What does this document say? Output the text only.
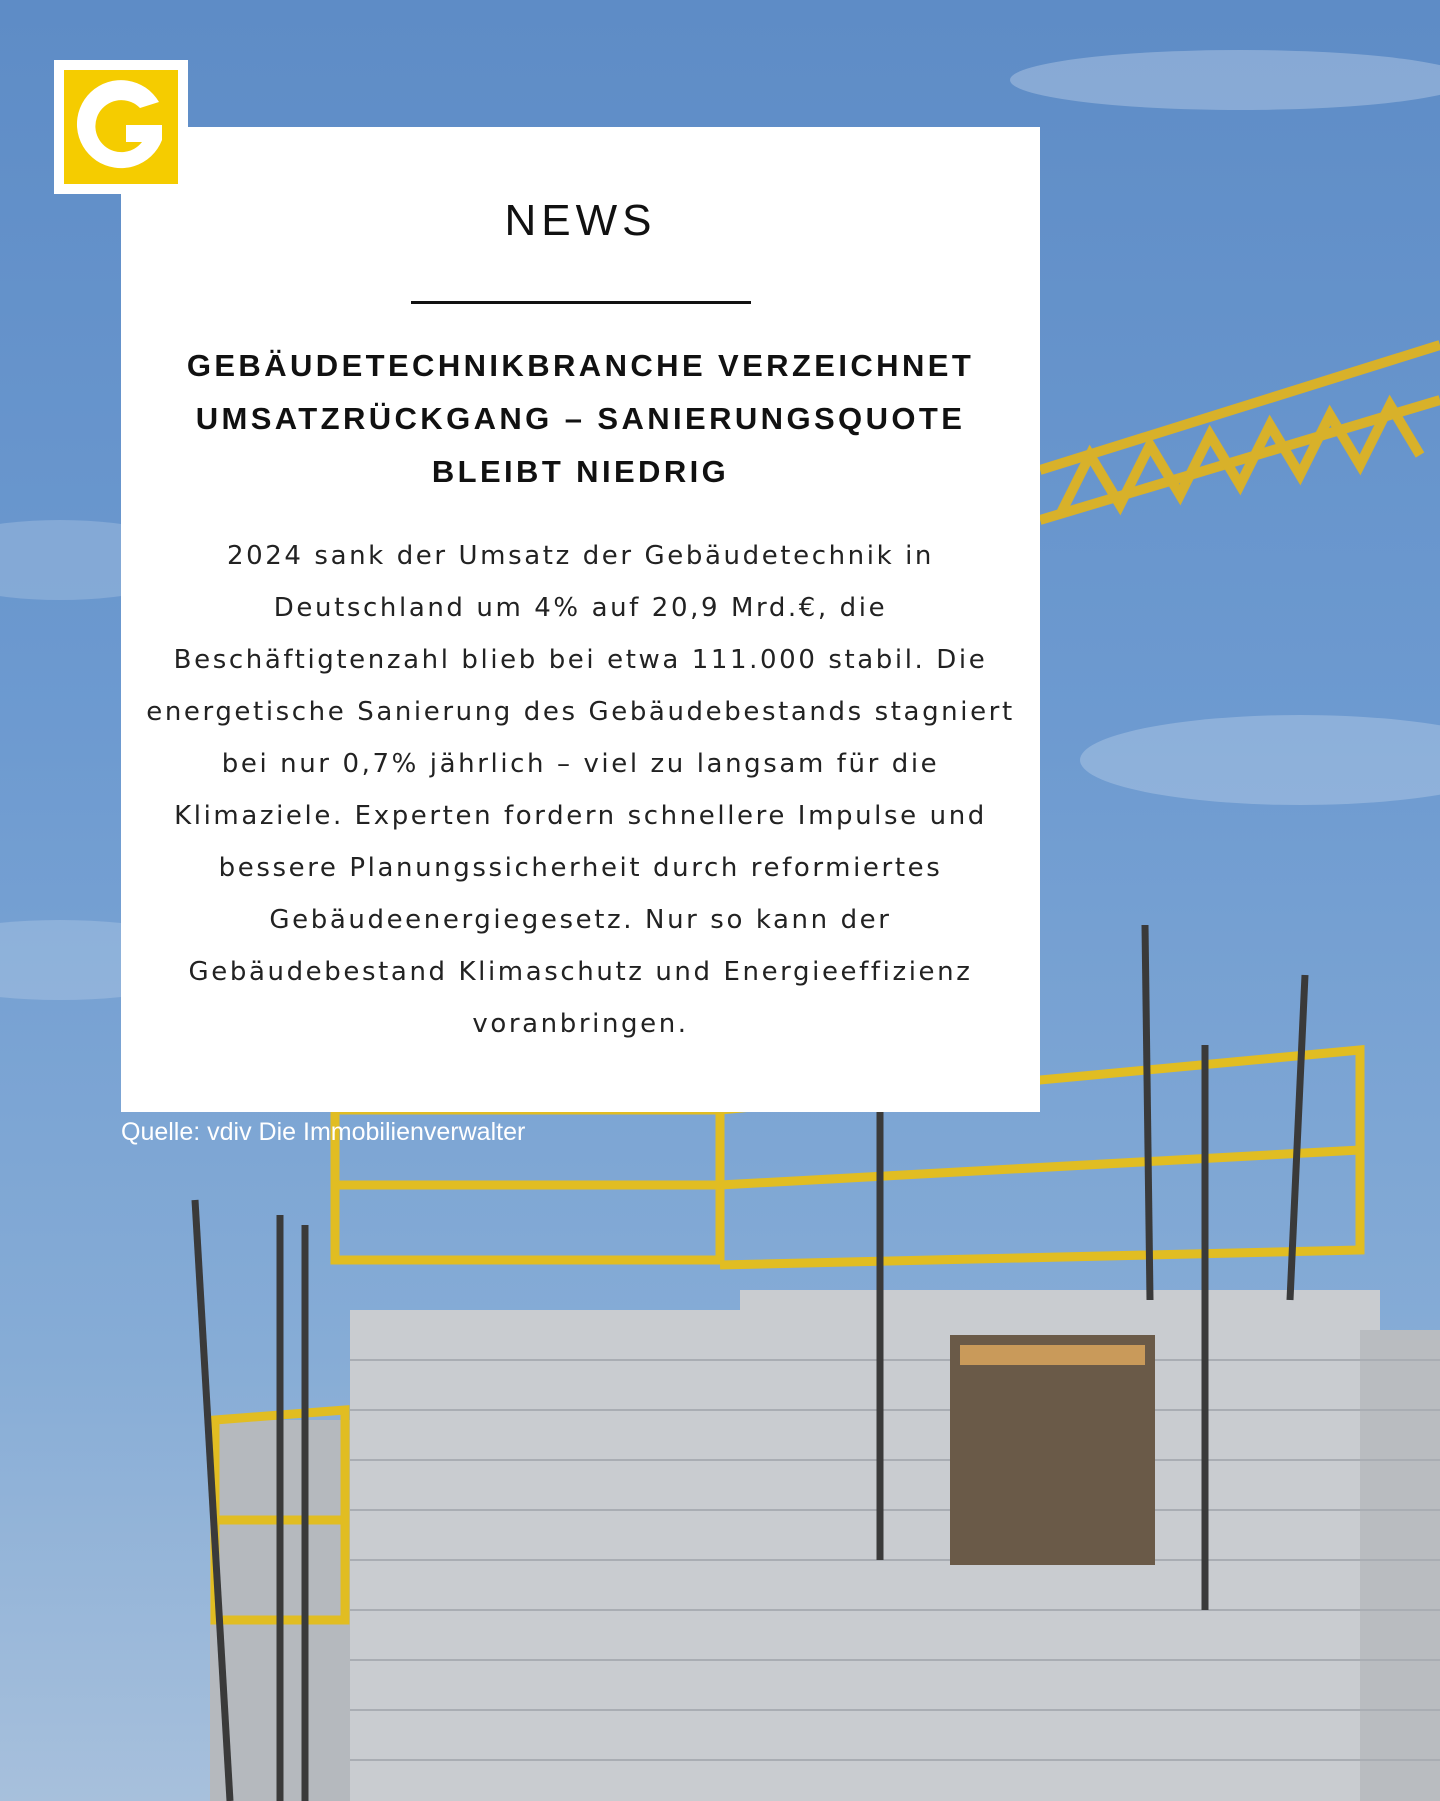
NEWS
GEBÄUDETECHNIKBRANCHE VERZEICHNET UMSATZRÜCKGANG – SANIERUNGSQUOTE BLEIBT NIEDRIG
2024 sank der Umsatz der Gebäudetechnik in Deutschland um 4% auf 20,9 Mrd.€, die Beschäftigtenzahl blieb bei etwa 111.000 stabil. Die energetische Sanierung des Gebäudebestands stagniert bei nur 0,7% jährlich – viel zu langsam für die Klimaziele. Experten fordern schnellere Impulse und bessere Planungssicherheit durch reformiertes Gebäudeenergiegesetz. Nur so kann der Gebäudebestand Klimaschutz und Energieeffizienz voranbringen.
Quelle: vdiv Die Immobilienverwalter
